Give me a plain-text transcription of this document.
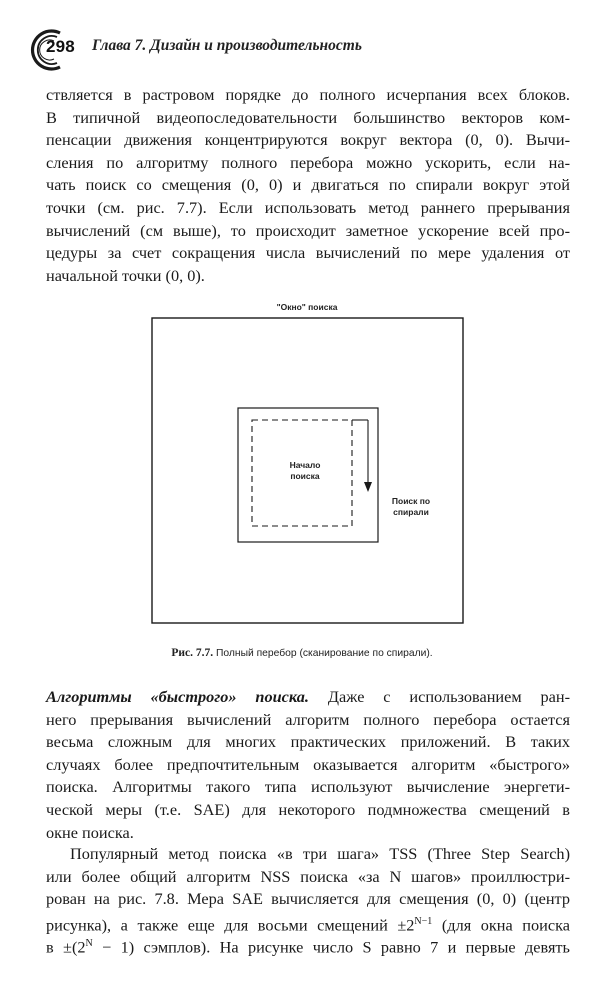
298 Глава 7. Дизайн и производительность
ствляется в растровом порядке до полного исчерпания всех блоков.
В типичной видеопоследовательности большинство векторов ком-
пенсации движения концентрируются вокруг вектора (0, 0). Вычи-
сления по алгоритму полного перебора можно ускорить, если на-
чать поиск со смещения (0, 0) и двигаться по спирали вокруг этой
точки (см. рис. 7.7). Если использовать метод раннего прерывания
вычислений (см выше), то происходит заметное ускорение всей про-
цедуры за счет сокращения числа вычислений по мере удаления от
начальной точки (0, 0).
"Окно" поиска
Начало
поиска
Поиск по
спирали
Рис. 7.7. Полный перебор (сканирование по спирали).
Алгоритмы «быстрого» поиска. Даже с использованием ран-
него прерывания вычислений алгоритм полного перебора остается
весьма сложным для многих практических приложений. В таких
случаях более предпочтительным оказывается алгоритм «быстрого»
поиска. Алгоритмы такого типа используют вычисление энергети-
ческой меры (т.е. SAE) для некоторого подмножества смещений в
окне поиска.
Популярный метод поиска «в три шага» TSS (Three Step Search)
или более общий алгоритм NSS поиска «за N шагов» проиллюстри-
рован на рис. 7.8. Мера SAE вычисляется для смещения (0, 0) (центр
рисунка), а также еще для восьми смещений $\pm 2^{N-1}$ (для окна поиска
$в \pm(2^N - 1)$ сэмплов). На рисунке число S равно 7 и первые девять
